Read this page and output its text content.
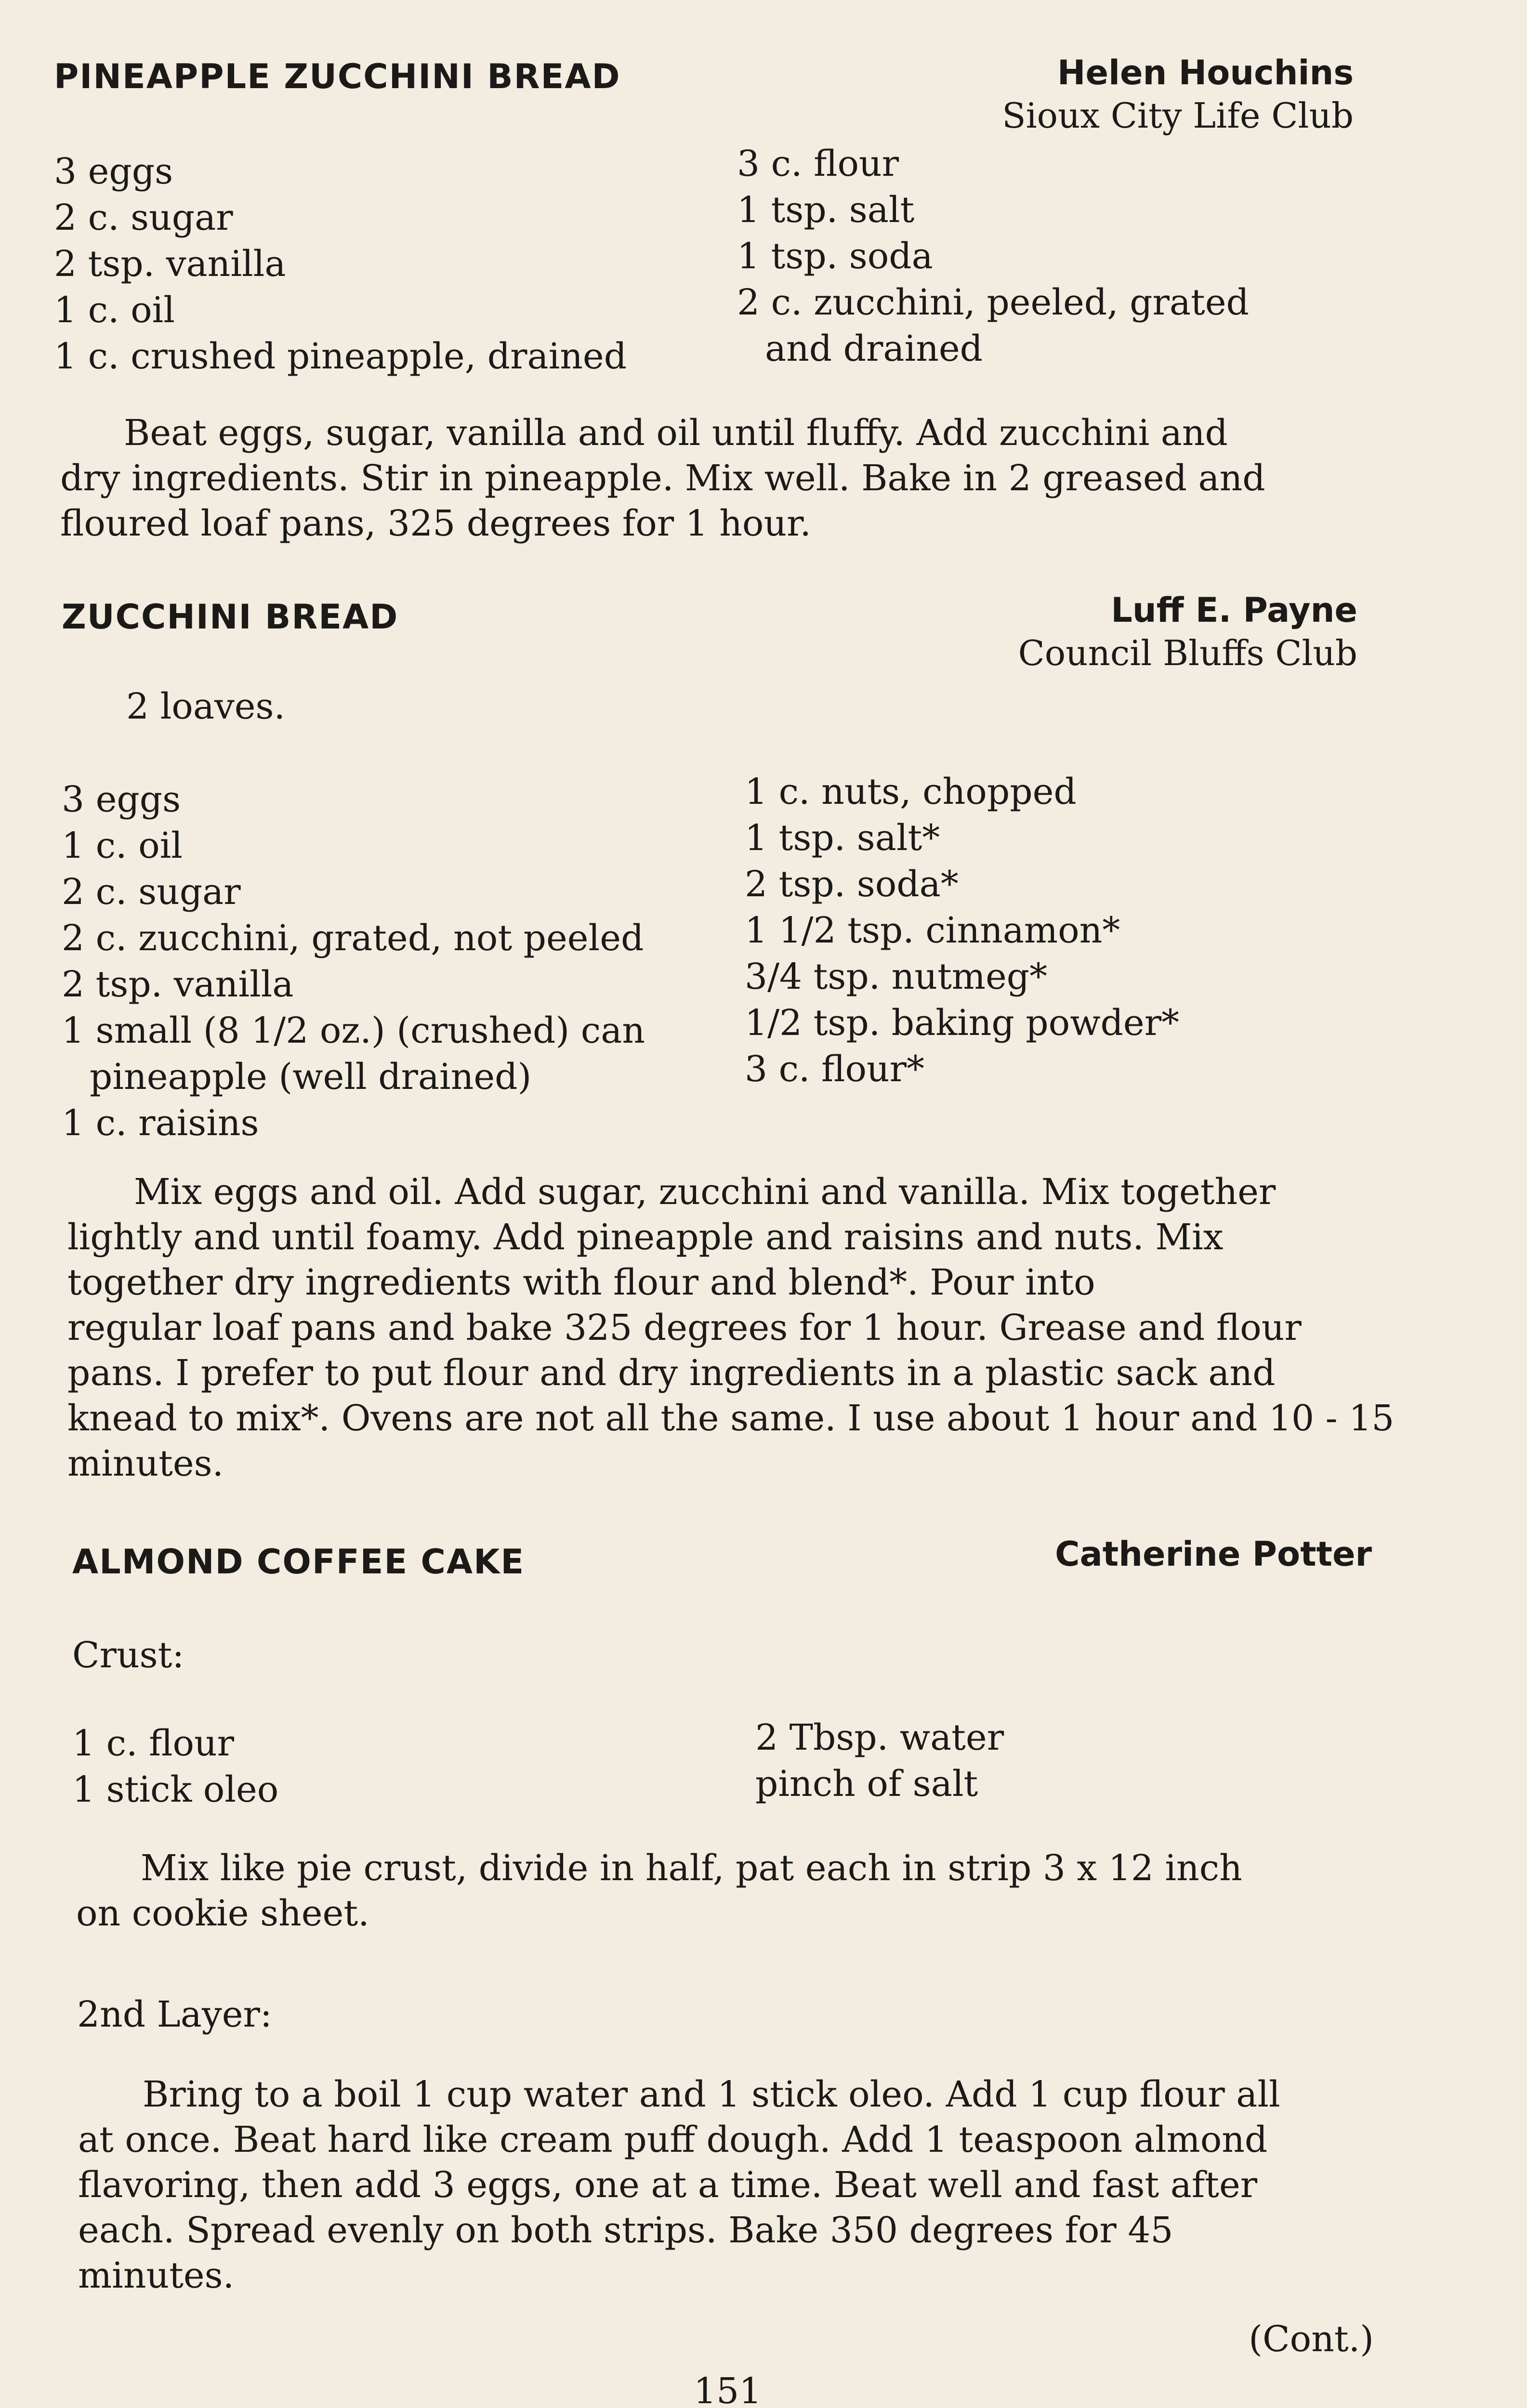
PINEAPPLE ZUCCHINI BREAD	Helen Houchins
Sioux City Life Club
3 eggs
2 c. sugar
2 tsp. vanilla
1 c. oil
1 c. crushed pineapple, drained
3 c. flour
1 tsp. salt
1 tsp. soda
2 c. zucchini, peeled, grated
and drained
Beat eggs, sugar, vanilla and oil until fluffy. Add zucchini and
dry ingredients. Stir in pineapple. Mix well. Bake in 2 greased and
floured loaf pans, 325 degrees for 1 hour.
ZUCCHINI BREAD	Luff E. Payne
Council Bluffs Club
2 loaves.
3 eggs
1 c. oil
2 c. sugar
2 c. zucchini, grated, not peeled
2 tsp. vanilla
1 small (8 1/2 oz.) (crushed) can
pineapple (well drained)
1 c. raisins
1 c. nuts, chopped
1 tsp. salt*
2 tsp. soda*
1 1/2 tsp. cinnamon*
3/4 tsp. nutmeg*
1/2 tsp. baking powder*
3 c. flour*
Mix eggs and oil. Add sugar, zucchini and vanilla. Mix together
lightly and until foamy. Add pineapple and raisins and nuts. Mix
together dry ingredients with flour and blend*. Pour into
regular loaf pans and bake 325 degrees for 1 hour. Grease and flour
pans. I prefer to put flour and dry ingredients in a plastic sack and
knead to mix*. Ovens are not all the same. I use about 1 hour and 10 - 15
minutes.
ALMOND COFFEE CAKE	Catherine Potter
Crust:
1 c. flour
1 stick oleo
2 Tbsp. water
pinch of salt
Mix like pie crust, divide in half, pat each in strip 3 x 12 inch
on cookie sheet.
2nd Layer:
Bring to a boil 1 cup water and 1 stick oleo. Add 1 cup flour all
at once. Beat hard like cream puff dough. Add 1 teaspoon almond
flavoring, then add 3 eggs, one at a time. Beat well and fast after
each. Spread evenly on both strips. Bake 350 degrees for 45
minutes.
(Cont.)
151
